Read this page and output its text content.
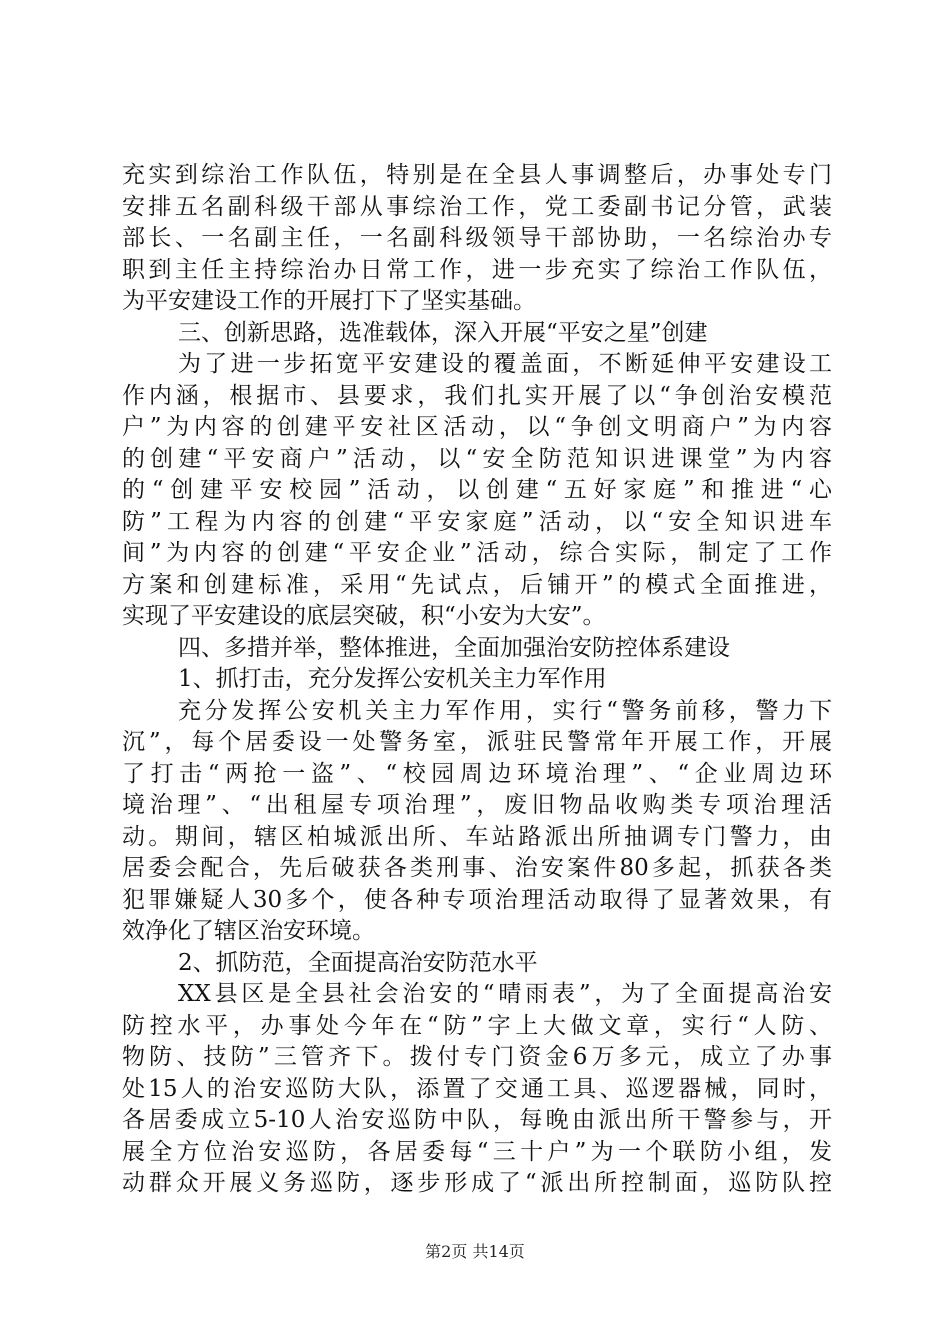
充实到综治工作队伍，特别是在全县人事调整后，办事处专门
安排五名副科级干部从事综治工作，党工委副书记分管，武装
部长、一名副主任，一名副科级领导干部协助，一名综治办专
职到主任主持综治办日常工作，进一步充实了综治工作队伍，
为平安建设工作的开展打下了坚实基础。
三、创新思路，选准载体，深入开展“平安之星”创建
为了进一步拓宽平安建设的覆盖面，不断延伸平安建设工
作内涵，根据市、县要求，我们扎实开展了以“争创治安模范
户”为内容的创建平安社区活动，以“争创文明商户”为内容
的创建“平安商户”活动，以“安全防范知识进课堂”为内容
的“创建平安校园”活动，以创建“五好家庭”和推进“心
防”工程为内容的创建“平安家庭”活动，以“安全知识进车
间”为内容的创建“平安企业”活动，综合实际，制定了工作
方案和创建标准，采用“先试点，后铺开”的模式全面推进，
实现了平安建设的底层突破，积“小安为大安”。
四、多措并举，整体推进，全面加强治安防控体系建设
1、抓打击，充分发挥公安机关主力军作用
充分发挥公安机关主力军作用，实行“警务前移，警力下
沉”，每个居委设一处警务室，派驻民警常年开展工作，开展
了打击“两抢一盗”、“校园周边环境治理”、“企业周边环
境治理”、“出租屋专项治理”，废旧物品收购类专项治理活
动。期间，辖区柏城派出所、车站路派出所抽调专门警力，由
居委会配合，先后破获各类刑事、治安案件80多起，抓获各类
犯罪嫌疑人30多个，使各种专项治理活动取得了显著效果，有
效净化了辖区治安环境。
2、抓防范，全面提高治安防范水平
XX县区是全县社会治安的“晴雨表”，为了全面提高治安
防控水平，办事处今年在“防”字上大做文章，实行“人防、
物防、技防”三管齐下。拨付专门资金6万多元，成立了办事
处15人的治安巡防大队，添置了交通工具、巡逻器械，同时，
各居委成立5-10人治安巡防中队，每晚由派出所干警参与，开
展全方位治安巡防，各居委每“三十户”为一个联防小组，发
动群众开展义务巡防，逐步形成了“派出所控制面，巡防队控
第2页 共14页
